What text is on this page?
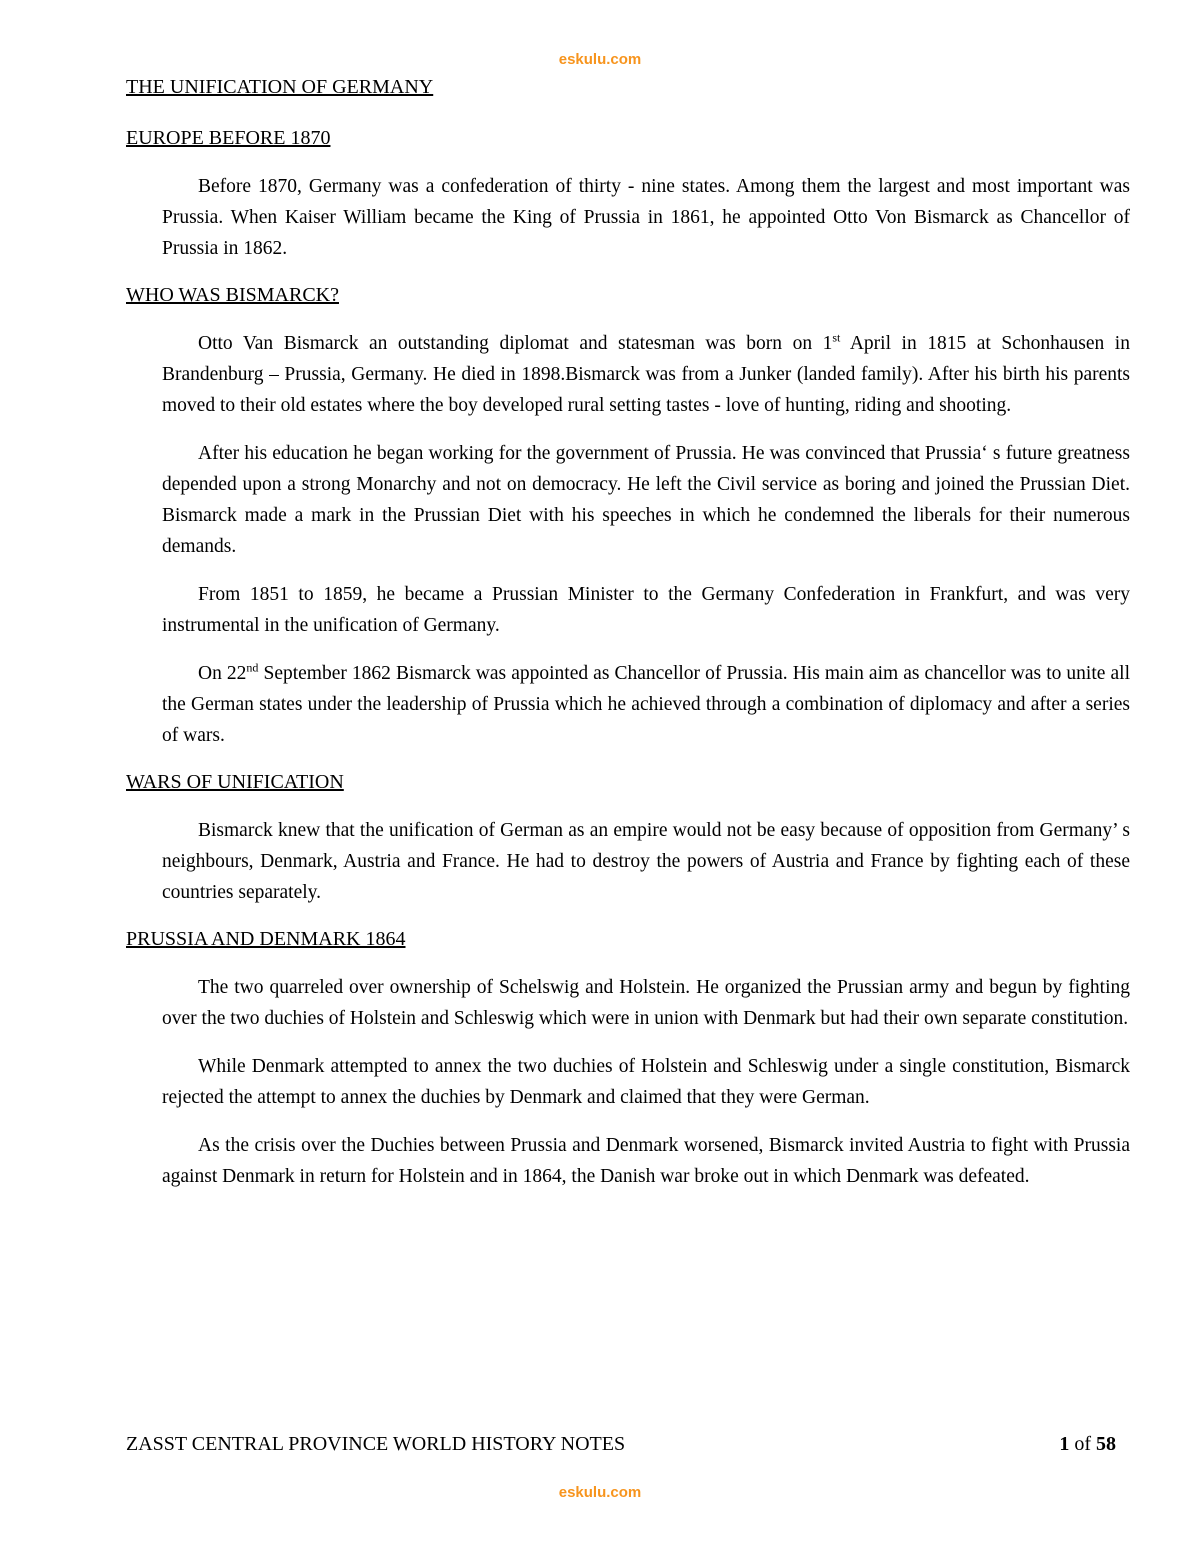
eskulu.com
THE UNIFICATION OF GERMANY
EUROPE BEFORE 1870

Before 1870, Germany was a confederation of thirty - nine states. Among them the largest and most important was Prussia. When Kaiser William became the King of Prussia in 1861, he appointed Otto Von Bismarck as Chancellor of Prussia in 1862.

WHO WAS BISMARCK?

Otto Van Bismarck an outstanding diplomat and statesman was born on 1st April in 1815 at Schonhausen in Brandenburg – Prussia, Germany. He died in 1898.Bismarck was from a Junker (landed family). After his birth his parents moved to their old estates where the boy developed rural setting tastes - love of hunting, riding and shooting.

After his education he began working for the government of Prussia. He was convinced that Prussia‘ s future greatness depended upon a strong Monarchy and not on democracy. He left the Civil service as boring and joined the Prussian Diet. Bismarck made a mark in the Prussian Diet with his speeches in which he condemned the liberals for their numerous demands.

From 1851 to 1859, he became a Prussian Minister to the Germany Confederation in Frankfurt, and was very instrumental in the unification of Germany.

On 22nd September 1862 Bismarck was appointed as Chancellor of Prussia. His main aim as chancellor was to unite all the German states under the leadership of Prussia which he achieved through a combination of diplomacy and after a series of wars.

WARS OF UNIFICATION

Bismarck knew that the unification of German as an empire would not be easy because of opposition from Germany’ s neighbours, Denmark, Austria and France. He had to destroy the powers of Austria and France by fighting each of these countries separately.

PRUSSIA AND DENMARK 1864

The two quarreled over ownership of Schelswig and Holstein. He organized the Prussian army and begun by fighting over the two duchies of Holstein and Schleswig which were in union with Denmark but had their own separate constitution.

While Denmark attempted to annex the two duchies of Holstein and Schleswig under a single constitution, Bismarck rejected the attempt to annex the duchies by Denmark and claimed that they were German.

As the crisis over the Duchies between Prussia and Denmark worsened, Bismarck invited Austria to fight with Prussia against Denmark in return for Holstein and in 1864, the Danish war broke out in which Denmark was defeated.

ZASST CENTRAL PROVINCE WORLD HISTORY NOTES	1 of 58
eskulu.com
